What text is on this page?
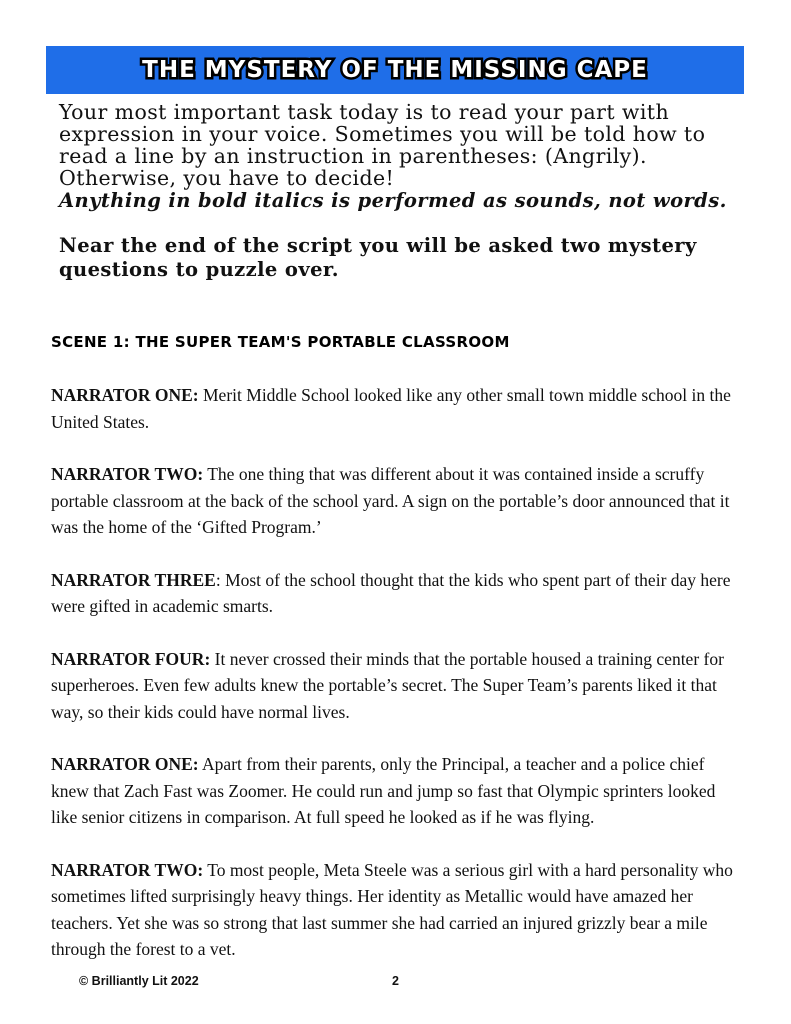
THE MYSTERY OF THE MISSING CAPE

Your most important task today is to read your part with expression in your voice. Sometimes you will be told how to read a line by an instruction in parentheses: (Angrily). Otherwise, you have to decide!
Anything in bold italics is performed as sounds, not words.

Near the end of the script you will be asked two mystery questions to puzzle over.

SCENE 1: THE SUPER TEAM'S PORTABLE CLASSROOM

NARRATOR ONE: Merit Middle School looked like any other small town middle school in the United States.

NARRATOR TWO: The one thing that was different about it was contained inside a scruffy portable classroom at the back of the school yard. A sign on the portable’s door announced that it was the home of the ‘Gifted Program.’

NARRATOR THREE: Most of the school thought that the kids who spent part of their day here were gifted in academic smarts.

NARRATOR FOUR: It never crossed their minds that the portable housed a training center for superheroes. Even few adults knew the portable’s secret. The Super Team’s parents liked it that way, so their kids could have normal lives.

NARRATOR ONE: Apart from their parents, only the Principal, a teacher and a police chief knew that Zach Fast was Zoomer. He could run and jump so fast that Olympic sprinters looked like senior citizens in comparison. At full speed he looked as if he was flying.

NARRATOR TWO: To most people, Meta Steele was a serious girl with a hard personality who sometimes lifted surprisingly heavy things. Her identity as Metallic would have amazed her teachers. Yet she was so strong that last summer she had carried an injured grizzly bear a mile through the forest to a vet.

© Brilliantly Lit 2022	2
